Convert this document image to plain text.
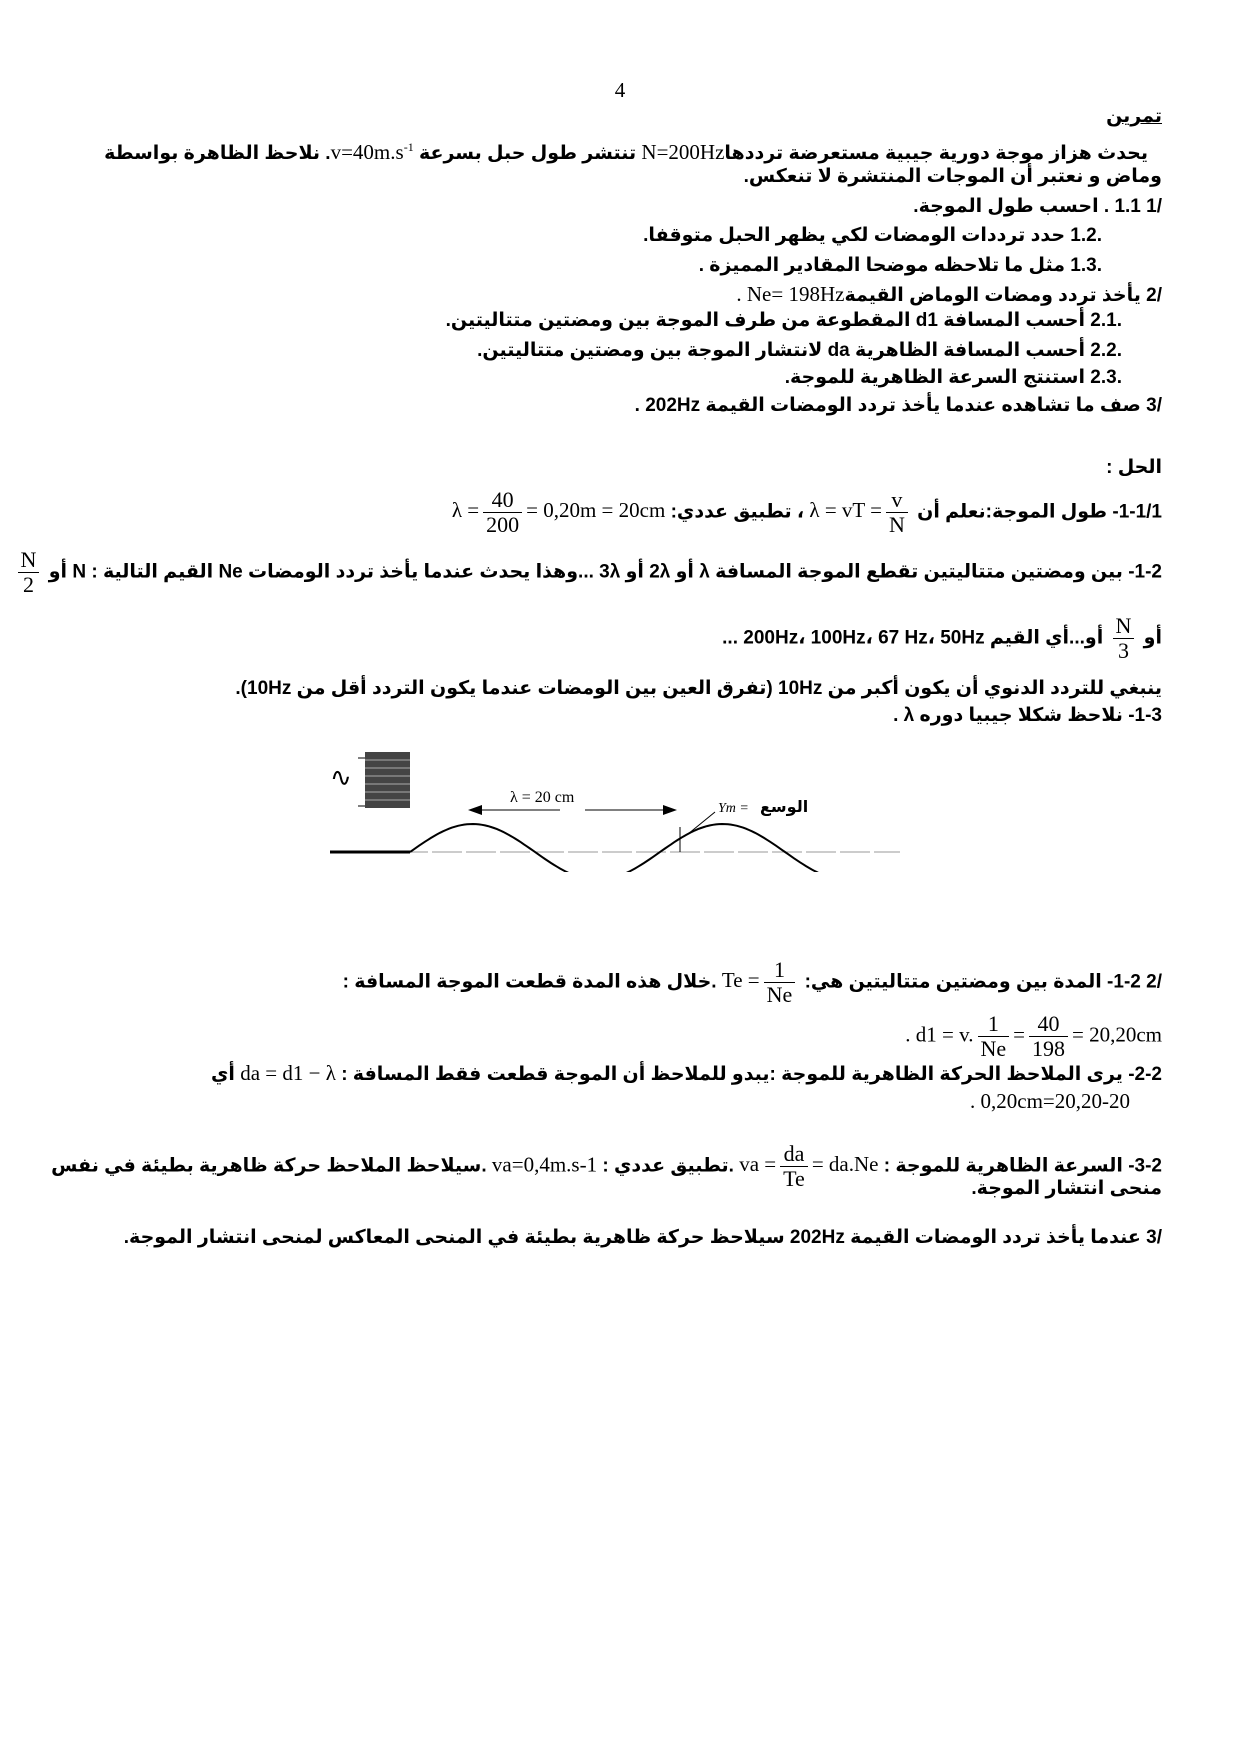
4
تمرين
يحدث هزاز موجة دورية جيبية مستعرضة ترددهاN=200Hz تنتشر طول حبل بسرعة $v=40m.s^{-1}$. نلاحظ الظاهرة بواسطة
وماض و نعتبر أن الموجات المنتشرة لا تنعكس.
/1 1.1 . احسب طول الموجة.
.1.2 حدد ترددات الومضات لكي يظهر الحبل متوقفا.
.1.3 مثل ما تلاحظه موضحا المقادير المميزة .
/2 يأخذ تردد ومضات الوماض القيمةNe= 198Hz .
.2.1 أحسب المسافة d1 المقطوعة من طرف الموجة بين ومضتين متتاليتين.
.2.2 أحسب المسافة الظاهرية da لانتشار الموجة بين ومضتين متتاليتين.
.2.3 استنتج السرعة الظاهرية للموجة.
/3 صف ما تشاهده عندما يأخذ تردد الومضات القيمة 202Hz .
الحل :
1-1/1- طول الموجة:نعلم أن λ = vT = $\frac{v}{N}$
، تطبيق عددي: $\lambda = \frac{40}{200} = 0,20m = 20cm$
1-2- بين ومضتين متتاليتين تقطع الموجة المسافة λ أو 2λ أو 3λ ...وهذا يحدث عندما يأخذ تردد الومضات Ne القيم التالية : N أو
$\frac{N}{2}$
أو
$\frac{N}{3}$
أو...أي القيم 200Hz، 100Hz، 67 Hz، 50Hz ...
ينبغي للتردد الدنوي أن يكون أكبر من 10Hz (تفرق العين بين الومضات عندما يكون التردد أقل من 10Hz).
1-3- نلاحظ شكلا جيبيا دوره λ .
∿
λ = 20 cm
Ym = الوسع
/2 1-2- المدة بين ومضتين متتاليتين هي: $Te = \frac{1}{Ne}$
.خلال هذه المدة قطعت الموجة المسافة :
d1 = v. $\frac{1}{Ne} = \frac{40}{198}$
= 20,20cm .
2-2- يرى الملاحظ الحركة الظاهرية للموجة :يبدو للملاحظ أن الموجة قطعت فقط المسافة : da = d1 − λ أي
20,20-20=0,20cm .
3-2- السرعة الظاهرية للموجة : va = $\frac{da}{Te} = da.Ne$ .تطبيق عددي : va=0,4m.s-1 .سيلاحظ الملاحظ حركة ظاهرية بطيئة في نفس
منحى انتشار الموجة.
/3 عندما يأخذ تردد الومضات القيمة 202Hz سيلاحظ حركة ظاهرية بطيئة في المنحى المعاكس لمنحى انتشار الموجة.
